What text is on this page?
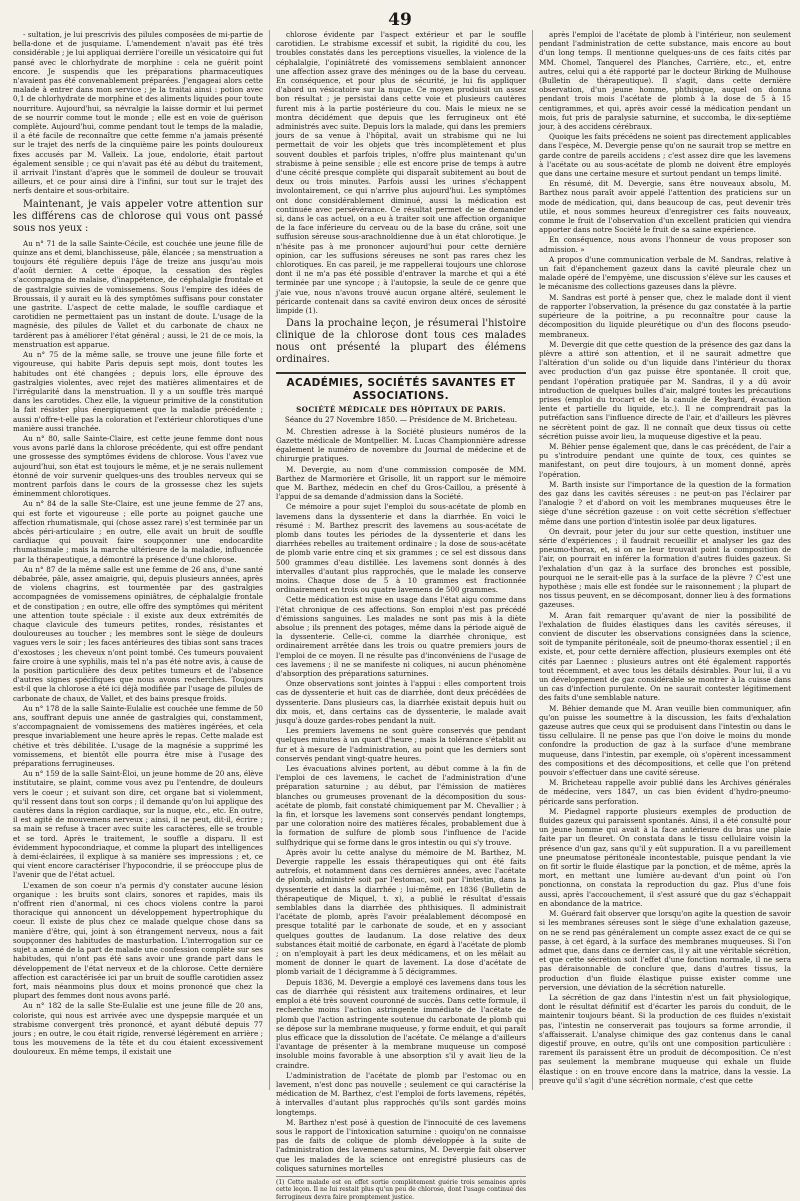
49

- sultation, je lui prescrivis des pilules composées de mi-partie de bella-done et de jusquiame. L'amendement n'avait pas été très considérable ; je lui appliquai derrière l'oreille un vésicatoire qui fut pansé avec le chlorhydrate de morphine : cela ne guérit point encore. Je suspendis que les préparations pharmaceutiques n'avaient pas été convenablement préparées. J'engageai alors cette malade à entrer dans mon service ; je la traitai ainsi : potion avec 0,1 de chlorhydrate de morphine et des aliments liquides pour toute nourriture. Aujourd'hui, sa névralgie la laisse dormir et lui permet de se nourrir comme tout le monde ; elle est en voie de guérison complète. Aujourd'hui, comme pendant tout le temps de la maladie, il a été facile de reconnaître que cette femme n'a jamais présenté sur le trajet des nerfs de la cinquième paire les points douloureux fixes accusés par M. Valleix. La joue, endolorie, était partout également sensible ; ce qui n'avait pas été au début du traitement, il arrivait l'instant d'après que le sommeil de douleur se trouvait ailleurs, et ce pour ainsi dire à l'infini, sur tout sur le trajet des nerfs dentaire et sous-orbitaire.

Maintenant, je vais appeler votre attention sur les différens cas de chlorose qui vous ont passé sous nos yeux :

Au n° 71 de la salle Sainte-Cécile, est couchée une jeune fille de quinze ans et demi, blanchisseuse, pâle, élancée ; sa menstruation a toujours été régulière depuis l'âge de treize ans jusqu'au mois d'août dernier. A cette époque, la cessation des règles s'accompagna de malaise, d'inappétence, de céphalalgie frontale et de gastralgie suivies de vomissemens. Sous l'empire des idées de Broussais, il y aurait eu là des symptômes suffisans pour constater une gastrite. L'aspect de cette malade, le souffle cardiaque et carotidien ne permettaient pas un instant de doute. L'usage de la magnésie, des pilules de Vallet et du carbonate de chaux ne tardèrent pas à améliorer l'état général ; aussi, le 21 de ce mois, la menstruation est apparue.

Au n° 75 de la même salle, se trouve une jeune fille forte et vigoureuse, qui habite Paris depuis sept mois, dont toutes les habitudes ont été changées ; depuis lors, elle éprouve des gastralgies violentes, avec rejet des matières alimentaires et de l'irrégularité dans la menstruation. Il y a un souffle très marqué dans les carotides. Chez elle, la vigueur primitive de la constitution la fait résister plus énergiquement que la maladie précédente ; aussi n'offre-t-elle pas la coloration et l'extérieur chlorotiques d'une manière aussi tranchée.

Au n° 80, salle Sainte-Claire, est cette jeune femme dont nous vous avons parlé dans la chlorose précédente, qui est offre pendant une grossesse des symptômes évidens de chlorose. Vous l'avez vue aujourd'hui, son état est toujours le même, et je ne serais nullement étonné de voir survenir quelques-uns des troubles nerveux qui se montrent parfois dans le cours de la grossesse chez les sujets éminemment chlorotiques.

Au n° 84 de la salle Ste-Claire, est une jeune femme de 27 ans, qui est forte et vigoureuse ; elle porte au poignet gauche une affection rhumatismale, qui (chose assez rare) s'est terminée par un abcès péri-articulaire ; en outre, elle avait un bruit de souffle cardiaque qui pouvait faire soupçonner une endocardite rhumatismale ; mais la marche ultérieure de la maladie, influencée par la thérapeutique, a démontré la présence d'une chlorose.

Au n° 87 de la même salle est une femme de 26 ans, d'une santé débabrée, pâle, assez amaigrie, qui, depuis plusieurs années, après de violens chagrins, est tourmentée par des gastralgies accompagnées de vomissemens opiniâtres, de céphalalgie frontale et de constipation ; en outre, elle offre des symptômes qui méritent une attention toute spéciale : il existe aux deux extrémités de chaque clavicule des tumeurs petites, rondes, résistantes et douloureuses au toucher ; les membres sont le siège de douleurs vagues vers le soir ; les faces antérieures des tibias sont sans traces d'exostoses ; les cheveux n'ont point tombé. Ces tumeurs pouvaient faire croire à une syphilis, mais tel n'a pas été notre avis, à cause de la position particulière des deux petites tumeurs et de l'absence d'autres signes spécifiques que nous avons recherchés. Toujours est-il que la chlorose a été ici déjà modifiée par l'usage de pilules de carbonate de chaux, de Vallet, et des bains presque froids.

Au n° 178 de la salle Sainte-Eulalie est couchée une femme de 50 ans, souffrant depuis une année de gastralgies qui, constamment, s'accompagnaient de vomissemens des matières ingérées, et cela presque invariablement une heure après le repas. Cette malade est chétive et très débilitée. L'usage de la magnésie a supprimé les vomissemens, et bientôt elle pourra être mise à l'usage des préparations ferrugineuses.

Au n° 159 de la salle Saint-Éloi, un jeune homme de 20 ans, élève institutaire, se plaint, comme vous avez pu l'entendre, de douleurs vers le coeur ; et suivant son dire, cet organe bat si violemment, qu'il ressent dans tout son corps ; il demande qu'on lui applique des cautères dans la région cardiaque, sur la nuque, etc., etc. En outre, il est agité de mouvemens nerveux ; ainsi, il ne peut, dit-il, écrire ; sa main se refuse à tracer avec suite les caractères, elle se trouble et se tord. Après le traitement, le souffle a disparu. Il est évidemment hypocondriaque, et comme la plupart des intelligences à demi-éclairées, il explique à sa manière ses impressions ; et, ce qui vient encore caractériser l'hypocondrie, il se préoccupe plus de l'avenir que de l'état actuel.

L'examen de son coeur n'a permis d'y constater aucune lésion organique : les bruits sont clairs, sonores et rapides, mais ils n'offrent rien d'anormal, ni ces chocs violens contre la paroi thoracique qui annoncent un développement hypertrophique du coeur. Il existe de plus chez ce malade quelque chose dans sa manière d'être, qui, joint à son étrangement nerveux, nous a fait soupçonner des habitudes de masturbation. L'interrogation sur ce sujet a amené de la part de malade une confession complète sur ses habitudes, qui n'ont pas été sans avoir une grande part dans le développement de l'état nerveux et de la chlorose. Cette dernière affection est caractérisée ici par un bruit de souffle carotidien assez fort, mais néanmoins plus doux et moins prononcé que chez la plupart des femmes dont nous avons parlé.

Au n° 182 de la salle Ste-Eulalie est une jeune fille de 20 ans, coloriste, qui nous est arrivée avec une dyspepsie marquée et un strabisme convergent très prononcé, et ayant débuté depuis 77 jours ; en outre, le cou était rigide, renversé légèrement en arrière ; tous les mouvemens de la tête et du cou étaient excessivement douloureux. En même temps, il existait une

chlorose évidente par l'aspect extérieur et par le souffle carotidien. Le strabisme excessif et subit, la rigidité du cou, les troubles constatés dans les perceptions visuelles, la violence de la céphalalgie, l'opiniâtreté des vomissemens semblaient annoncer une affection assez grave des méninges ou de la base du cerveau. En conséquence, et pour plus de sécurité, je lui fis appliquer d'abord un vésicatoire sur la nuque. Ce moyen produisit un assez bon résultat ; je persistai dans cette voie et plusieurs cautères furent mis à la partie postérieure du cou. Mais le mieux ne se montra décidément que depuis que les ferrugineux ont été administrés avec suite. Depuis lors la malade, qui dans les premiers jours de sa venue à l'hôpital, avait un strabisme qui ne lui permettait de voir les objets que très incomplètement et plus souvent doubles et parfois triples, n'offre plus maintenant qu'un strabisme à peine sensible ; elle est encore prise de temps à autre d'une cécité presque complète qui disparaît subitement au bout de deux ou trois minutes. Parfois aussi les urines s'échappent involontairement, ce qui n'arrive plus aujourd'hui. Les symptômes ont donc considérablement diminué, aussi la médication est continuée avec persévérance. Ce résultat permet de se demander si, dans le cas actuel, on a eu à traiter soit une affection organique de la face inférieure du cerveau ou de la base du crâne, soit une suffusion séreuse sous-arachnoïdienne due à un état chlorotique. Je n'hésite pas à me prononcer aujourd'hui pour cette dernière opinion, car les suffusions séreuses ne sont pas rares chez les chlorotiques. En cas pareil, je me rappellerai toujours une chlorose dont il ne m'a pas été possible d'entraver la marche et qui a été terminée par une syncope ; à l'autopsie, la seule de ce genre que j'aie vue, nous n'avons trouvé aucun organe altéré, seulement le péricarde contenait dans sa cavité environ deux onces de sérosité limpide (1).

Dans la prochaine leçon, je résumerai l'histoire clinique de la chlorose dont tous ces malades nous ont présenté la plupart des élémens ordinaires.

ACADÉMIES, SOCIÉTÉS SAVANTES ET ASSOCIATIONS.
SOCIÉTÉ MÉDICALE DES HÔPITAUX DE PARIS.
Séance du 27 Novembre 1850. — Présidence de M. Bricheteau.

M. Chrestien adresse à la Société plusieurs numéros de la Gazette médicale de Montpellier. M. Lucas Championnière adresse également le numéro de novembre du Journal de médecine et de chirurgie pratiques.

M. Devergie, au nom d'une commission composée de MM. Barthez de Marmorière et Grisolle, lit un rapport sur le mémoire que M. Barthez, médecin en chef du Gros-Caillou, a présenté à l'appui de sa demande d'admission dans la Société.

Ce mémoire a pour sujet l'emploi du sous-acétate de plomb en lavemens dans la dyssenterie et dans la diarrhée. En voici le résumé : M. Barthez prescrit des lavemens au sous-acétate de plomb dans toutes les périodes de la dyssenterie et dans les diarrhées rebelles au traitement ordinaire ; la dose de sous-acétate de plomb varie entre cinq et six grammes ; ce sel est dissous dans 500 grammes d'eau distillée. Les lavemens sont donnés à des intervalles d'autant plus rapprochés, que le malade les conserve moins. Chaque dose de 5 à 10 grammes est fractionnée ordinairement en trois ou quatre lavemens de 500 grammes.

Cette médication est mise en usage dans l'état aigu comme dans l'état chronique de ces affections. Son emploi n'est pas précédé d'émissions sanguines. Les malades ne sont pas mis à la diète absolue ; ils prennent des potages, même dans la période aiguë de la dyssenterie. Celle-ci, comme la diarrhée chronique, est ordinairement arrêtée dans les trois ou quatre premiers jours de l'emploi de ce moyen. Il ne résulte pas d'inconvéniens de l'usage de ces lavemens ; il ne se manifeste ni coliques, ni aucun phénomène d'absorption des préparations saturnines.

Onze observations sont jointes à l'appui : elles comportent trois cas de dyssenterie et huit cas de diarrhée, dont deux précédées de dyssenterie. Dans plusieurs cas, la diarrhée existait depuis huit ou dix mois, et, dans certains cas de dyssenterie, le malade avait jusqu'à douze gardes-robes pendant la nuit.

Les premiers lavemens ne sont guère conservés que pendant quelques minutes à un quart d'heure ; mais la tolérance s'établit au fur et à mesure de l'administration, au point que les derniers sont conservés pendant vingt-quatre heures.

Les évacuations alvines portent, au début comme à la fin de l'emploi de ces lavemens, le cachet de l'administration d'une préparation saturnine ; au début, par l'émission de matières blanches ou grumeuses provenant de la décomposition du sous-acétate de plomb, fait constaté chimiquement par M. Chevallier ; à la fin, et lorsque les lavemens sont conservés pendant longtemps, par une coloration noire des matières fécales, probablement due à la formation de sulfure de plomb sous l'influence de l'acide sulfhydrique qui se forme dans le gros intestin ou qui s'y trouve.

Après avoir lu cette analyse du mémoire de M. Barthez, M. Devergie rappelle les essais thérapeutiques qui ont été faits autrefois, et notamment dans ces dernières années, avec l'acétate de plomb, administré soit par l'estomac, soit par l'intestin, dans la dyssenterie et dans la diarrhée ; lui-même, en 1836 (Bulletin de thérapeutique de Miquel, t. x), a publié le résultat d'essais semblables dans la diarrhée des phthisiques. Il administrait l'acétate de plomb, après l'avoir préalablement décomposé en presque totalité par le carbonate de soude, et en y associant quelques gouttes de laudanum. La dose relative des deux substances était moitié de carbonate, en égard à l'acétate de plomb ; on n'employait à part les deux médicamens, et on les mêlait au moment de donner le quart de lavement. La dose d'acétate de plomb variait de 1 décigramme à 5 décigrammes.

Depuis 1836, M. Devergie a employé ces lavemens dans tous les cas de diarrhée qui résistent aux traitemens ordinaires, et leur emploi a été très souvent couronné de succès. Dans cette formule, il recherche moins l'action astringente immédiate de l'acétate de plomb que l'action astringente soutenue du carbonate de plomb qui se dépose sur la membrane muqueuse, y forme enduit, et qui paraît plus efficace que la dissolution de l'acétate. Ce mélange a d'ailleurs l'avantage de présenter à la membrane muqueuse un composé insoluble moins favorable à une absorption s'il y avait lieu de la craindre.

L'administration de l'acétate de plomb par l'estomac ou en lavement, n'est donc pas nouvelle ; seulement ce qui caractérise la médication de M. Barthez, c'est l'emploi de forts lavemens, répétés, à intervalles d'autant plus rapprochés qu'ils sont gardés moins longtemps.

M. Barthez n'est posé à question de l'innocuité de ces lavemens sous le rapport de l'intoxication saturnine : quoiqu'on ne connaisse pas de faits de colique de plomb développée à la suite de l'administration des lavemens saturnins, M. Devergie fait observer que les malades de la science ont enregistré plusieurs cas de coliques saturnines mortelles

(1) Cette malade est en effet sortie complètement guérie trois semaines après cette leçon. Il ne lui restait plus qu'un peu de chlorose, dont l'usage continué des ferrugineux devra faire promptement justice.

après l'emploi de l'acétate de plomb à l'intérieur, non seulement pendant l'administration de cette substance, mais encore au bout d'un long temps. Il mentionne quelques-uns de ces faits cités par MM. Chomel, Tanquerel des Planches, Carrière, etc., et, entre autres, celui qui a été rapporté par le docteur Birking de Mulhouse (Bulletin de thérapeutique). Il s'agit, dans cette dernière observation, d'un jeune homme, phthisique, auquel on donna pendant trois mois l'acétate de plomb à la dose de 5 à 15 centigrammes, et qui, après avoir cessé la médication pendant un mois, fut pris de paralysie saturnine, et succomba, le dix-septième jour, à des accidens cérébraux.

Quoique les faits précédens ne soient pas directement applicables dans l'espèce, M. Devergie pense qu'on ne saurait trop se mettre en garde contre de pareils accidens ; c'est assez dire que les lavemens à l'acétate ou au sous-acétate de plomb ne doivent être employés que dans une certaine mesure et surtout pendant un temps limité.

En résumé, dit M. Devergie, sans être nouveaux absolu, M. Barthez nous paraît avoir appelé l'attention des praticiens sur un mode de médication, qui, dans beaucoup de cas, peut devenir très utile, et nous sommes heureux d'enregistrer ces faits nouveaux, comme le fruit de l'observation d'un excellent praticien qui viendra apporter dans notre Société le fruit de sa saine expérience.

En conséquence, nous avons l'honneur de vous proposer son admission. »

A propos d'une communication verbale de M. Sandras, relative à un fait d'épanchement gazeux dans la cavité pleurale chez un malade opéré de l'empyème, une discussion s'élève sur les causes et le mécanisme des collections gazeuses dans la plèvre.

M. Sandras est porté à penser que, chez le malade dont il vient de rapporter l'observation, la présence du gaz constatée à la partie supérieure de la poitrine, a pu reconnaître pour cause la décomposition du liquide pleurétique ou d'un des flocons pseudo-membraneux.

M. Devergie dit que cette question de la présence des gaz dans la plèvre a attiré son attention, et il ne saurait admettre que l'altération d'un solide ou d'un liquide dans l'intérieur du thorax avec production d'un gaz puisse être spontanée. Il croit que, pendant l'opération pratiquée par M. Sandras, il y a dû avoir introduction de quelques bulles d'air, malgré toutes les précautions prises (emploi du trocart et de la canule de Reybard, évacuation lente et partielle du liquide, etc.). Il ne comprendrait pas la putréfaction sans l'influence directe de l'air, et d'ailleurs les plèvres ne sécrètent point de gaz. Il ne connaît que deux tissus où cette sécrétion puisse avoir lieu, la muqueuse digestive et la peau.

M. Béhier pense également que, dans le cas précédent, de l'air a pu s'introduire pendant une quinte de toux, ces quintes se manifestant, on peut dire toujours, à un moment donné, après l'opération.

M. Barth insiste sur l'importance de la question de la formation des gaz dans les cavités séreuses : ne peut-on pas l'éclairer par l'analogie ? et d'abord on voit les membranes muqueuses être le siège d'une sécrétion gazeuse : on voit cette sécrétion s'effectuer même dans une portion d'intestin isolée par deux ligatures.

On devrait, pour jeter du jour sur cette question, instituer une série d'expériences ; il faudrait recueillir et analyser les gaz des pneumo-thorax, et, si on ne leur trouvait point la composition de l'air, on pourrait en inférer la formation d'autres fluides gazeux. Si l'exhalation d'un gaz à la surface des bronches est possible, pourquoi ne le serait-elle pas à la surface de la plèvre ? C'est une hypothèse ; mais elle est fondée sur le raisonnement ; la plupart de nos tissus peuvent, en se décomposant, donner lieu à des formations gazeuses.

M. Aran fait remarquer qu'avant de nier la possibilité de l'exhalation de fluides élastiques dans les cavités séreuses, il convient de discuter les observations consignées dans la science, soit de tympanite péritonéale, soit de pneumo-thorax essentiel ; il en existe, et, pour cette dernière affection, plusieurs exemples ont été cités par Laennec : plusieurs autres ont été également rapportés tout récemment, et avec tous les détails désirables. Pour lui, il a vu un développement de gaz considérable se montrer à la cuisse dans un cas d'infection purulente. On ne saurait contester légitimement des faits d'une semblable nature.

M. Béhier demande que M. Aran veuille bien communiquer, afin qu'on puisse les soumettre à la discussion, les faits d'exhalation gazeuse autres que ceux qui se produisent dans l'intestin ou dans le tissu cellulaire. Il ne pense pas que l'on doive le moins du monde confondre la production de gaz à la surface d'une membrane muqueuse, dans l'intestin, par exemple, où s'opèrent incessamment des compositions et des décompositions, et celle que l'on prétend pouvoir s'effectuer dans une cavité séreuse.

M. Bricheteau rappelle avoir publié dans les Archives générales de médecine, vers 1847, un cas bien évident d'hydro-pneumo-péricarde sans perforation.

M. Piedagnel rapporte plusieurs exemples de production de fluides gazeux qui paraissent spontanés. Ainsi, il a été consulté pour un jeune homme qui avait à la face antérieure du bras une plaie faite par un fleuret. On constata dans le tissu cellulaire voisin la présence d'un gaz, sans qu'il y eût suppuration. Il a vu pareillement une pneumatose péritonéale incontestable, puisque pendant la vie on fit sortir le fluide élastique par la ponction, et de même, après la mort, en mettant une lumière au-devant d'un point où l'on ponctionna, on constata la reproduction du gaz. Plus d'une fois aussi, après l'accouchement, il s'est assuré que du gaz s'échappait en abondance de la matrice.

M. Guérard fait observer que lorsqu'on agite la question de savoir si les membranes séreuses sont le siège d'une exhalation gazeuse, on ne se rend pas généralement un compte assez exact de ce qui se passe, à cet égard, à la surface des membranes muqueuses. Si l'on admet que, dans dans ce dernier cas, il y ait une véritable sécrétion, et que cette sécrétion soit l'effet d'une fonction normale, il ne sera pas déraisonnable de conclure que, dans d'autres tissus, la production d'un fluide élastique puisse exister comme une perversion, une déviation de la sécrétion naturelle.

La sécrétion de gaz dans l'intestin n'est un fait physiologique, dont le résultat définitif est d'écarter les parois du conduit, de le maintenir toujours béant. Si la production de ces fluides n'existait pas, l'intestin ne conserverait pas toujours sa forme arrondie, il s'affaisserait. L'analyse chimique des gaz contenus dans le canal digestif prouve, en outre, qu'ils ont une composition particulière : rarement ils paraissent être un produit de décomposition. Ce n'est pas seulement la membrane muqueuse qui exhale un fluide élastique : on en trouve encore dans la matrice, dans la vessie. La preuve qu'il s'agit d'une sécrétion normale, c'est que cette
